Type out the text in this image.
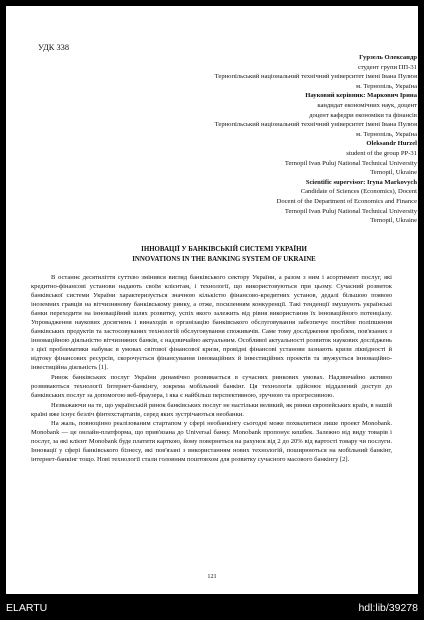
УДК 338
Гурзель Олександр
студент групи ПП-31
Тернопільський національний технічний університет імені Івана Пулюя
м. Тернопіль, Україна
Науковий керівник: Маркович Ірина
кандидат економічних наук, доцент
доцент кафедри економіки та фінансів
Тернопільський національний технічний університет імені Івана Пулюя
м. Тернопіль, Україна
Oleksandr Hurzel
student of the group PP-31
Ternopil Ivan Puluj National Technical University
Ternopil, Ukraine
Scientific supervisor: Iryna Markovych
Candidate of Sciences (Economics), Docent
Docent of the Department of Economics and Finance
Ternopil Ivan Puluj National Technical University
Ternopil, Ukraine
ІННОВАЦІЇ У БАНКІВСЬКІЙ СИСТЕМІ УКРАЇНИ
INNOVATIONS IN THE BANKING SYSTEM OF UKRAINE

В останнє десятиліття суттєво змінився вигляд банківського сектору України, а разом з ним і асортимент послуг, які кредитно-фінансові установи надають своїм клієнтам, і технології, що використовуються при цьому. Сучасний розвиток банківської системи України характеризується значною кількістю фінансово-кредитних установ, дедалі більшою появою іноземних гравців на вітчизняному банківському ринку, а отже, посиленням конкуренції. Такі тенденції змушують українські банки переходити на інноваційний шлях розвитку, успіх якого залежить від рівня використання їх інноваційного потенціалу. Упровадження наукових досягнень і винаходів в організацію банківського обслуговування забезпечує постійне поліпшення банківських продуктів та застосовуваних технологій обслуговування споживачів. Саме тому дослідження проблем, пов'язаних з інноваційною діяльністю вітчизняних банків, є надзвичайно актуальним. Особливої актуальності розвиток наукових досліджень з цієї проблематики набуває в умовах світової фінансової кризи, провідні фінансові установи зазнають кризи ліквідності й відтоку фінансових ресурсів, скорочується фінансування інноваційних й інвестиційних проектів та звужується інноваційно-інвестиційна діяльність [1].

Ринок банківських послуг України динамічно розвивається в сучасних ринкових умовах. Надзвичайно активно розвиваються технології Інтернет-банкінгу, зокрема мобільний банкінг. Ця технологія здійснює віддалений доступ до банківських послуг за допомогою веб-браузера, і яка є найбільш перспективною, зручною та прогресивною.

Незважаючи на те, що українській ринок банківських послуг не настільки великий, як ринки європейських країн, в нашій країні вже існує безліч фінтехстартапів, серед яких зустрічаються необанки.

На жаль, повноцінно реалізованим стартапом у сфері необанкінгу сьогодні може похвалитися лише проект Monobank. Monobank — це онлайн-платформа, що прив'язана до Universal банку. Monobank пропонує кешбек. Залежно від виду товарів і послуг, за які клієнт Monobank буде платити карткою, йому повернеться на рахунок від 2 до 20% від вартості товару чи послуги. Інновації у сфері банківського бізнесу, які пов'язані з використанням нових технологій, поширюються на мобільний банкінг, інтернет-банкінг тощо. Нові технології стали головним поштовхом для розвитку сучасного масового банкінгу [2].

121
ELARTU	hdl:lib/39278
